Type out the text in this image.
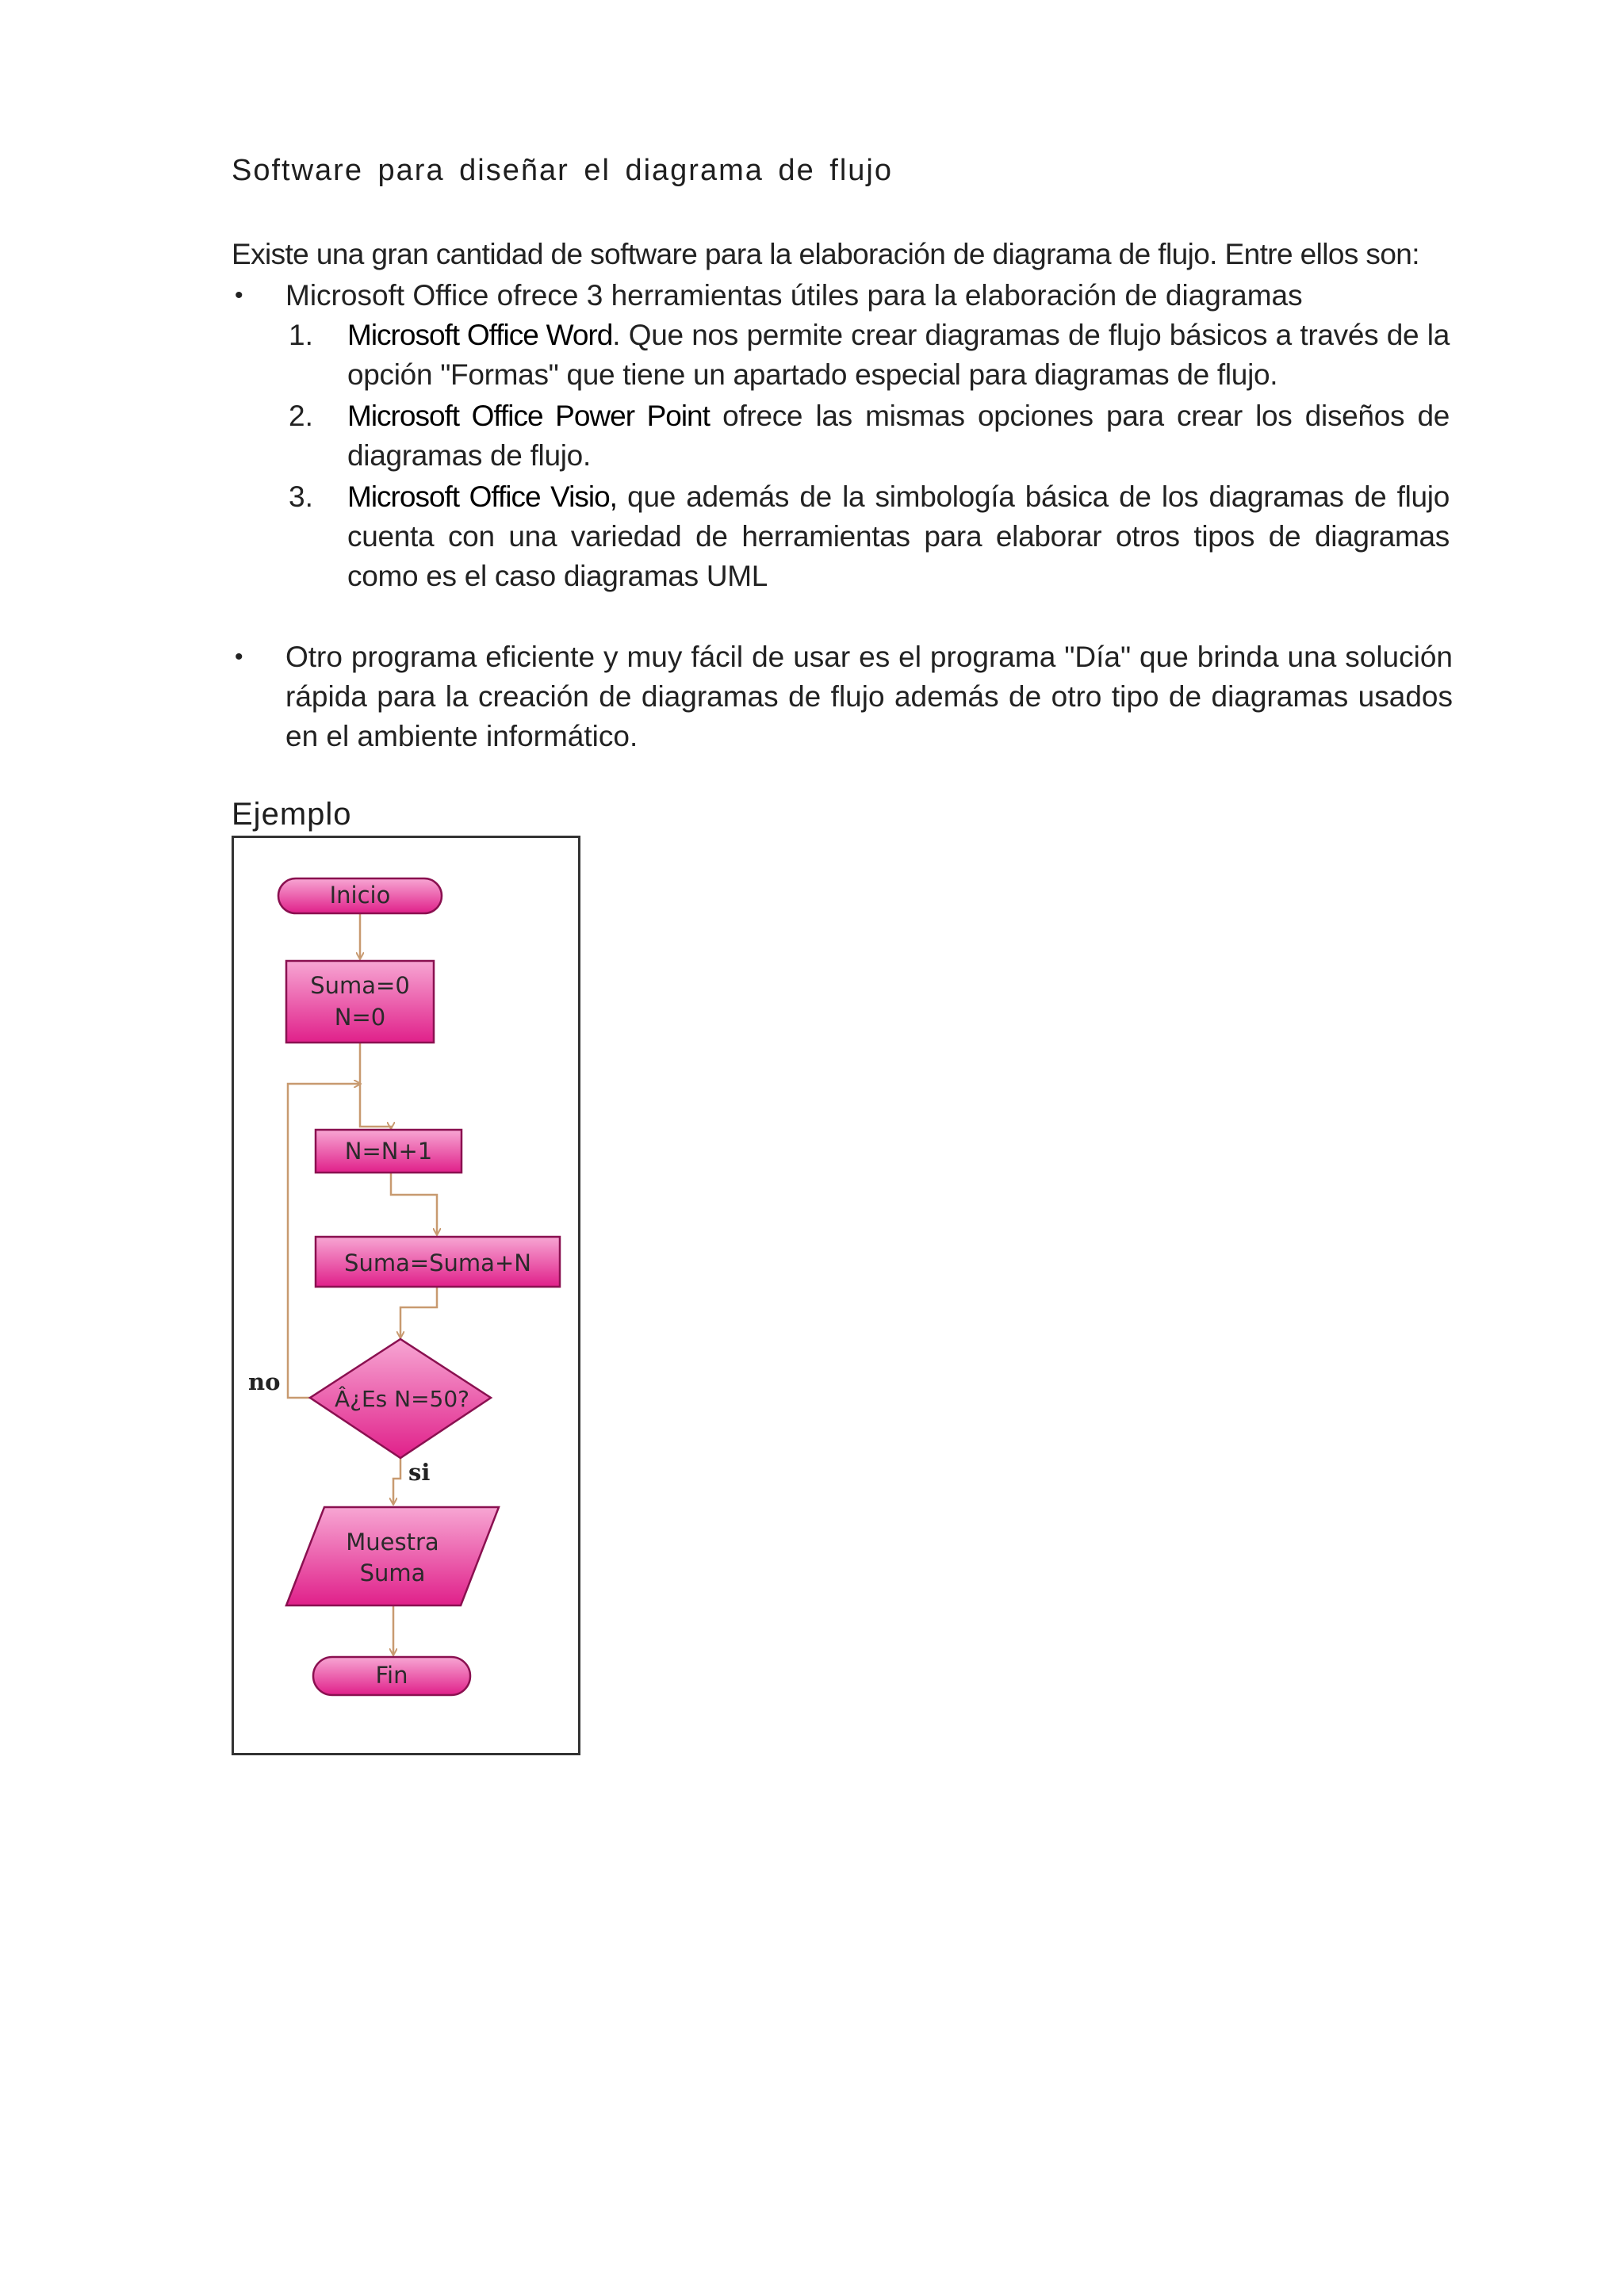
Software para diseñar el diagrama de flujo
Existe una gran cantidad de software para la elaboración de diagrama de flujo. Entre ellos son:
• Microsoft Office ofrece 3 herramientas útiles para la elaboración de diagramas
1. Microsoft Office Word. Que nos permite crear diagramas de flujo básicos a través de la opción "Formas" que tiene un apartado especial para diagramas de flujo.
2. Microsoft Office Power Point ofrece las mismas opciones para crear los diseños de diagramas de flujo.
3. Microsoft Office Visio, que además de la simbología básica de los diagramas de flujo cuenta con una variedad de herramientas para elaborar otros tipos de diagramas como es el caso diagramas UML
• Otro programa eficiente y muy fácil de usar es el programa "Día" que brinda una solución rápida para la creación de diagramas de flujo además de otro tipo de diagramas usados en el ambiente informático.
Ejemplo
Inicio
Suma=0
N=0
N=N+1
Suma=Suma+N
Â¿Es N=50?
no
si
Muestra
Suma
Fin
